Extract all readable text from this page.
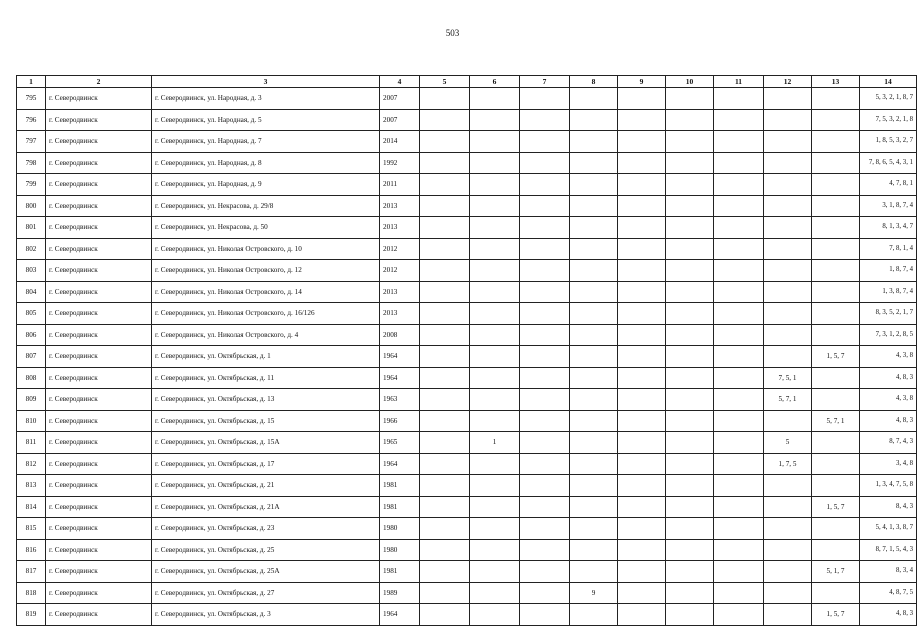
503
1	2	3	4	5	6	7	8	9	10	11	12	13	14
795	г. Северодвинск	г. Северодвинск, ул. Народная, д. 3	2007										5, 3, 2, 1, 8, 7
796	г. Северодвинск	г. Северодвинск, ул. Народная, д. 5	2007										7, 5, 3, 2, 1, 8
797	г. Северодвинск	г. Северодвинск, ул. Народная, д. 7	2014										1, 8, 5, 3, 2, 7
798	г. Северодвинск	г. Северодвинск, ул. Народная, д. 8	1992										7, 8, 6, 5, 4, 3, 1
799	г. Северодвинск	г. Северодвинск, ул. Народная, д. 9	2011										4, 7, 8, 1
800	г. Северодвинск	г. Северодвинск, ул. Некрасова, д. 29/8	2013										3, 1, 8, 7, 4
801	г. Северодвинск	г. Северодвинск, ул. Некрасова, д. 50	2013										8, 1, 3, 4, 7
802	г. Северодвинск	г. Северодвинск, ул. Николая Островского, д. 10	2012										7, 8, 1, 4
803	г. Северодвинск	г. Северодвинск, ул. Николая Островского, д. 12	2012										1, 8, 7, 4
804	г. Северодвинск	г. Северодвинск, ул. Николая Островского, д. 14	2013										1, 3, 8, 7, 4
805	г. Северодвинск	г. Северодвинск, ул. Николая Островского, д. 16/126	2013										8, 3, 5, 2, 1, 7
806	г. Северодвинск	г. Северодвинск, ул. Николая Островского, д. 4	2008										7, 3, 1, 2, 8, 5
807	г. Северодвинск	г. Северодвинск, ул. Октябрьская, д. 1	1964									1, 5, 7	4, 3, 8
808	г. Северодвинск	г. Северодвинск, ул. Октябрьская, д. 11	1964								7, 5, 1		4, 8, 3
809	г. Северодвинск	г. Северодвинск, ул. Октябрьская, д. 13	1963								5, 7, 1		4, 3, 8
810	г. Северодвинск	г. Северодвинск, ул. Октябрьская, д. 15	1966									5, 7, 1	4, 8, 3
811	г. Северодвинск	г. Северодвинск, ул. Октябрьская, д. 15А	1965		1						5		8, 7, 4, 3
812	г. Северодвинск	г. Северодвинск, ул. Октябрьская, д. 17	1964								1, 7, 5		3, 4, 8
813	г. Северодвинск	г. Северодвинск, ул. Октябрьская, д. 21	1981										1, 3, 4, 7, 5, 8
814	г. Северодвинск	г. Северодвинск, ул. Октябрьская, д. 21А	1981									1, 5, 7	8, 4, 3
815	г. Северодвинск	г. Северодвинск, ул. Октябрьская, д. 23	1980										5, 4, 1, 3, 8, 7
816	г. Северодвинск	г. Северодвинск, ул. Октябрьская, д. 25	1980										8, 7, 1, 5, 4, 3
817	г. Северодвинск	г. Северодвинск, ул. Октябрьская, д. 25А	1981									5, 1, 7	8, 3, 4
818	г. Северодвинск	г. Северодвинск, ул. Октябрьская, д. 27	1989				9						4, 8, 7, 5
819	г. Северодвинск	г. Северодвинск, ул. Октябрьская, д. 3	1964									1, 5, 7	4, 8, 3
